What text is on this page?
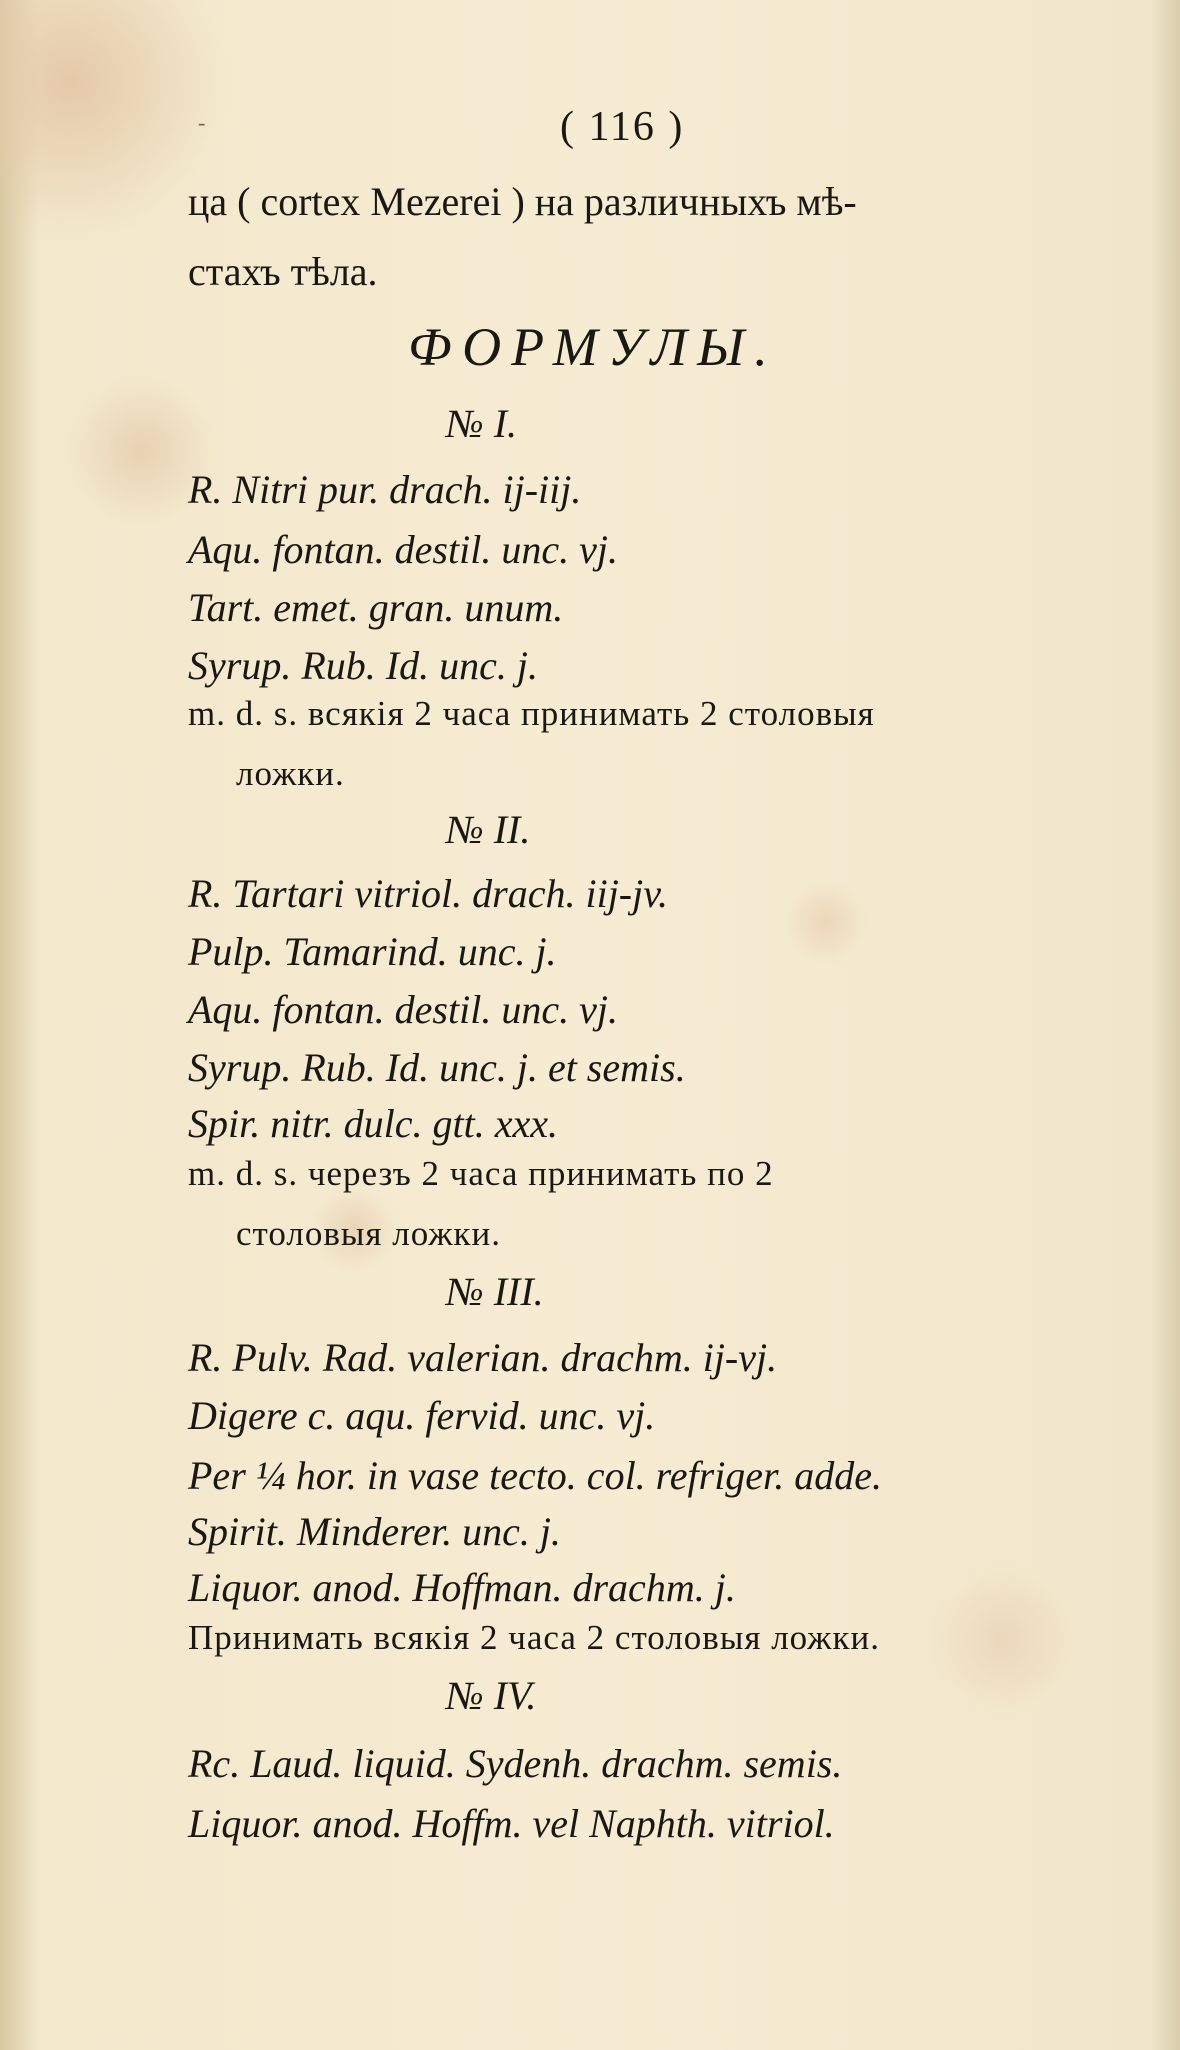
-	( 116 )
ца ( cortex Mezerei ) на различныхъ мѣ-
стахъ тѣла.
ФОРМУЛЫ.
№ I.
R. Nitri pur. drach. ij-iij.
Aqu. fontan. destil. unc. vj.
Tart. emet. gran. unum.
Syrup. Rub. Id. unc. j.
m. d. s. всякія 2 часа принимать 2 столовыя
ложки.
№ II.
R. Tartari vitriol. drach. iij-jv.
Pulp. Tamarind. unc. j.
Aqu. fontan. destil. unc. vj.
Syrup. Rub. Id. unc. j. et semis.
Spir. nitr. dulc. gtt. xxx.
m. d. s. черезъ 2 часа принимать по 2
столовыя ложки.
№ III.
R. Pulv. Rad. valerian. drachm. ij-vj.
Digere c. aqu. fervid. unc. vj.
Per ¼ hor. in vase tecto. col. refriger. adde.
Spirit. Minderer. unc. j.
Liquor. anod. Hoffman. drachm. j.
Принимать всякія 2 часа 2 столовыя ложки.
№ IV.
Rc. Laud. liquid. Sydenh. drachm. semis.
Liquor. anod. Hoffm. vel Naphth. vitriol.
